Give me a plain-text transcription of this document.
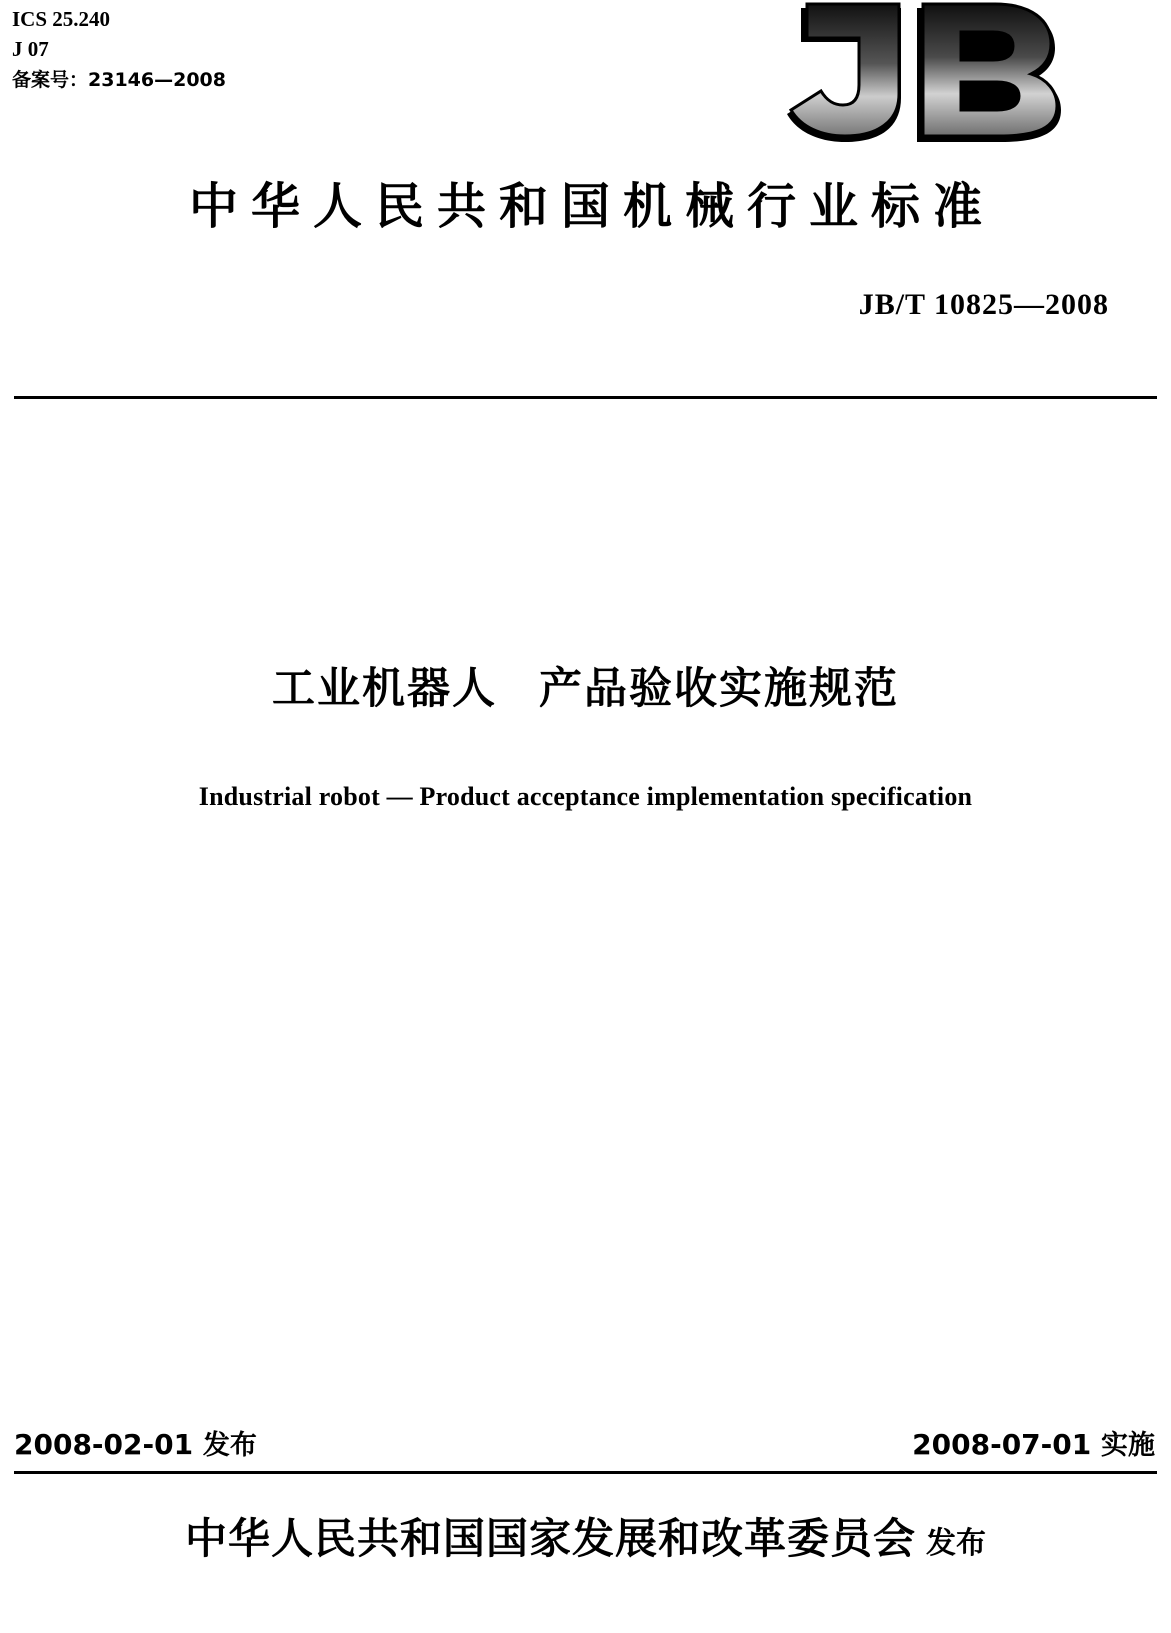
ICS 25.240
J 07
备案号：23146—2008
中华人民共和国机械行业标准
JB/T 10825—2008
工业机器人 产品验收实施规范
Industrial robot — Product acceptance implementation specification
2008-02-01 发布	2008-07-01 实施
中华人民共和国国家发展和改革委员会 发布
